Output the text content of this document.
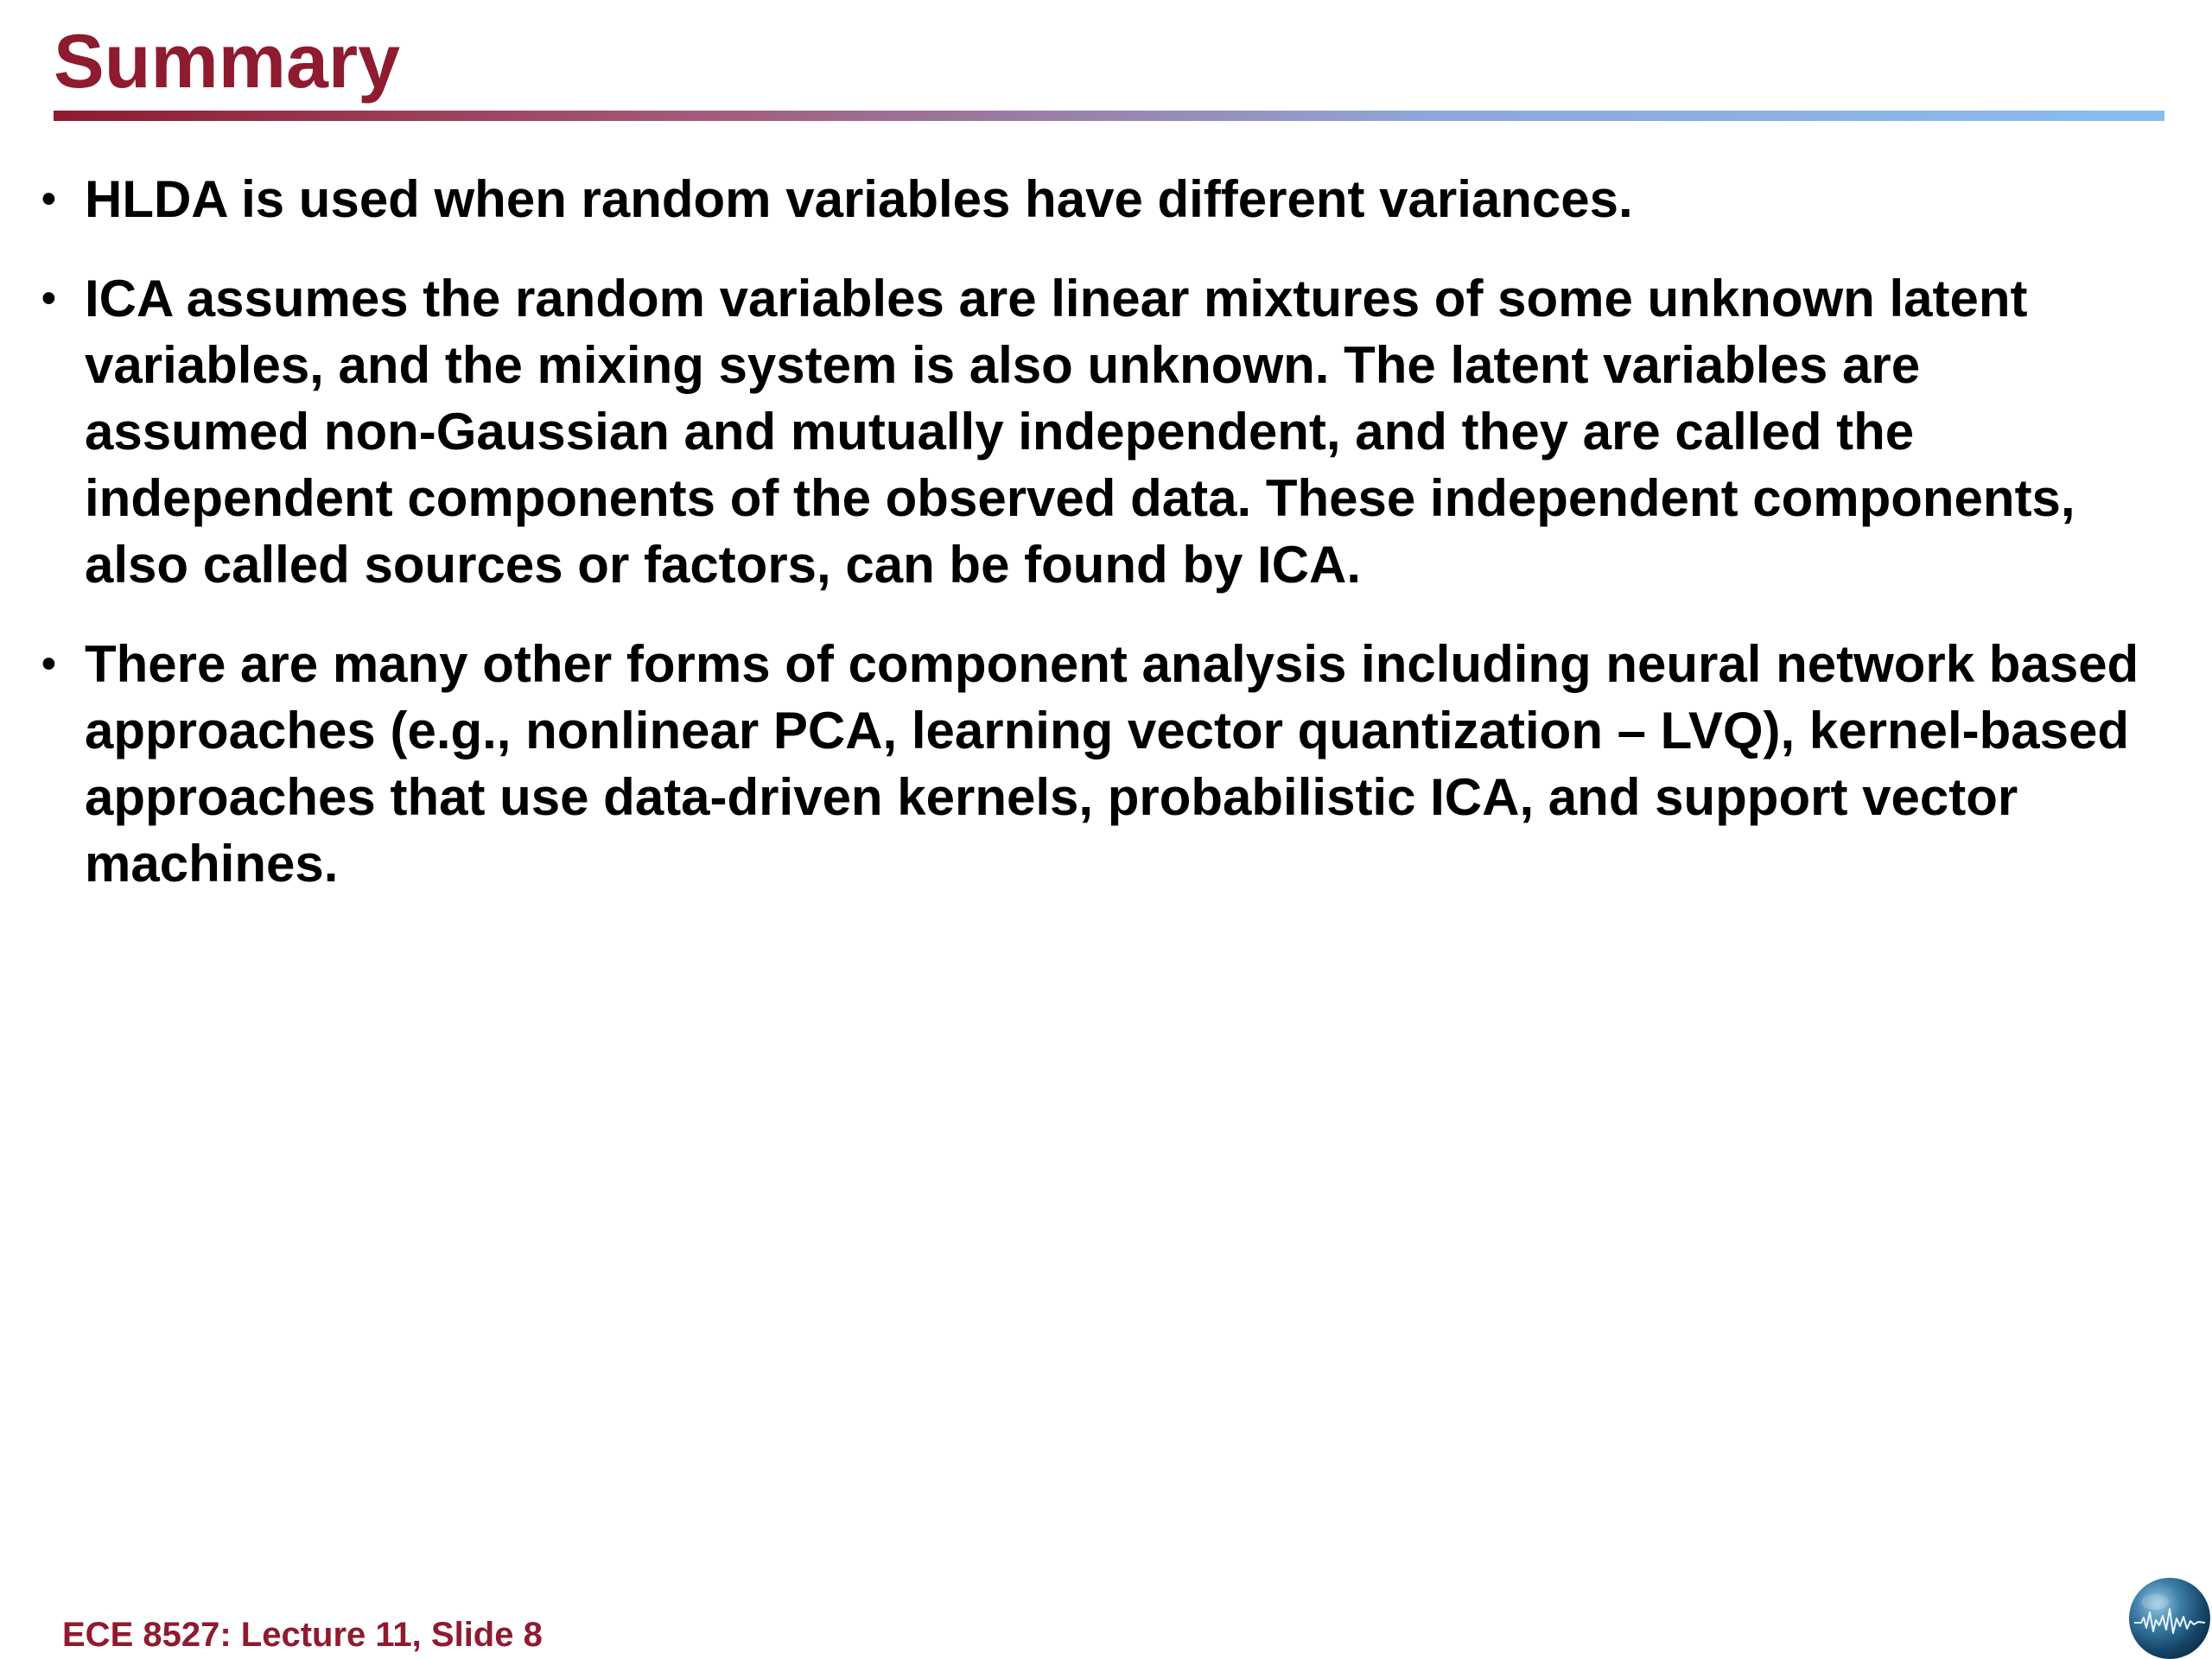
Summary
• HLDA is used when random variables have different variances.
• ICA assumes the random variables are linear mixtures of some unknown latent variables, and the mixing system is also unknown. The latent variables are assumed non-Gaussian and mutually independent, and they are called the independent components of the observed data. These independent components, also called sources or factors, can be found by ICA.
• There are many other forms of component analysis including neural network based approaches (e.g., nonlinear PCA, learning vector quantization – LVQ), kernel-based approaches that use data-driven kernels, probabilistic ICA, and support vector machines.
ECE 8527: Lecture 11, Slide 8
